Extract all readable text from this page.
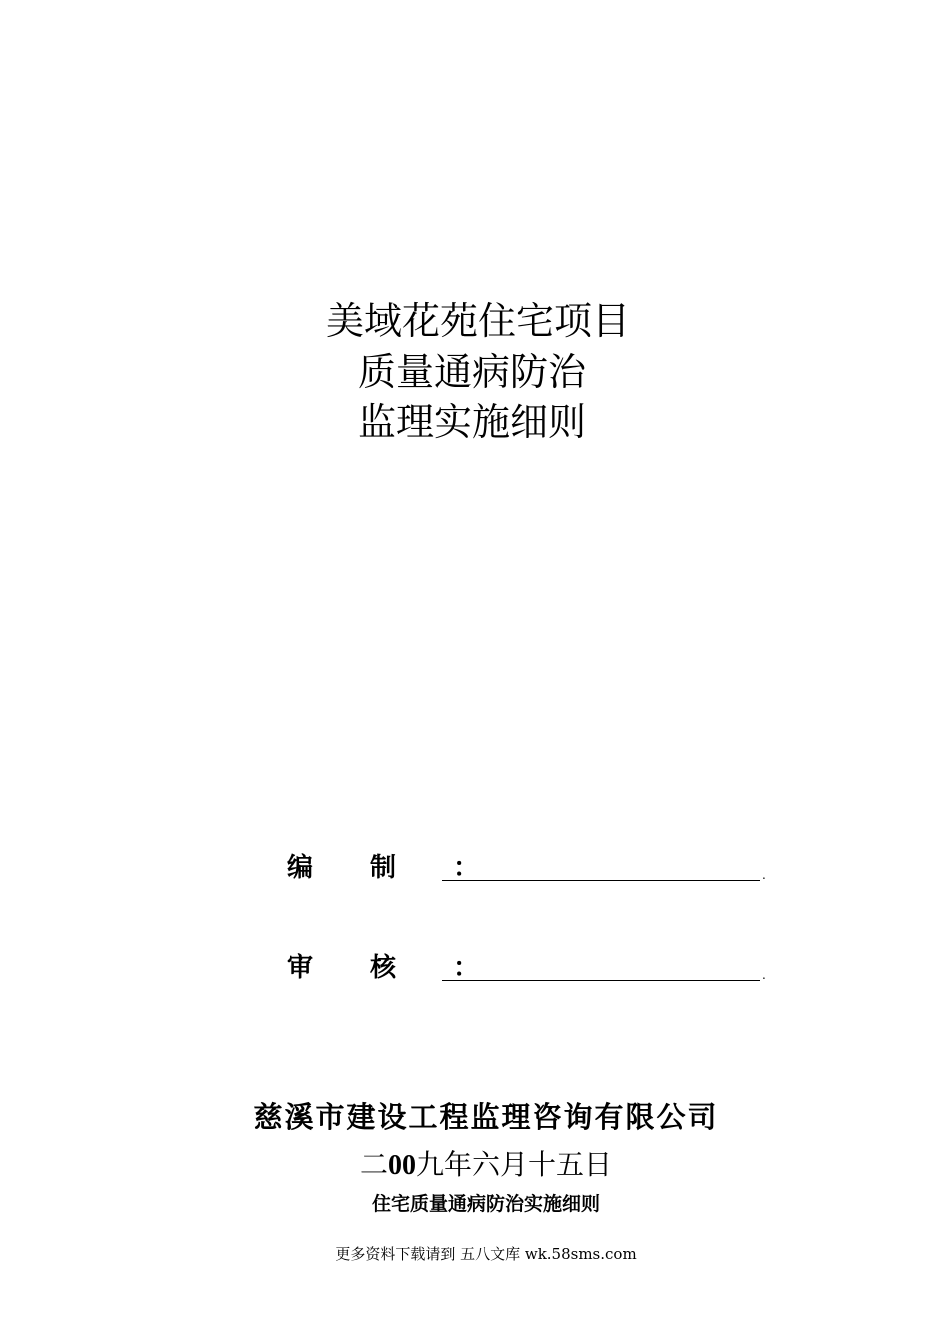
美域花苑住宅项目
质量通病防治
监理实施细则
编 制 ：	.
审 核 ：	.
慈溪市建设工程监理咨询有限公司
二00九年六月十五日
住宅质量通病防治实施细则
更多资料下载请到 五八文库 wk.58sms.com
